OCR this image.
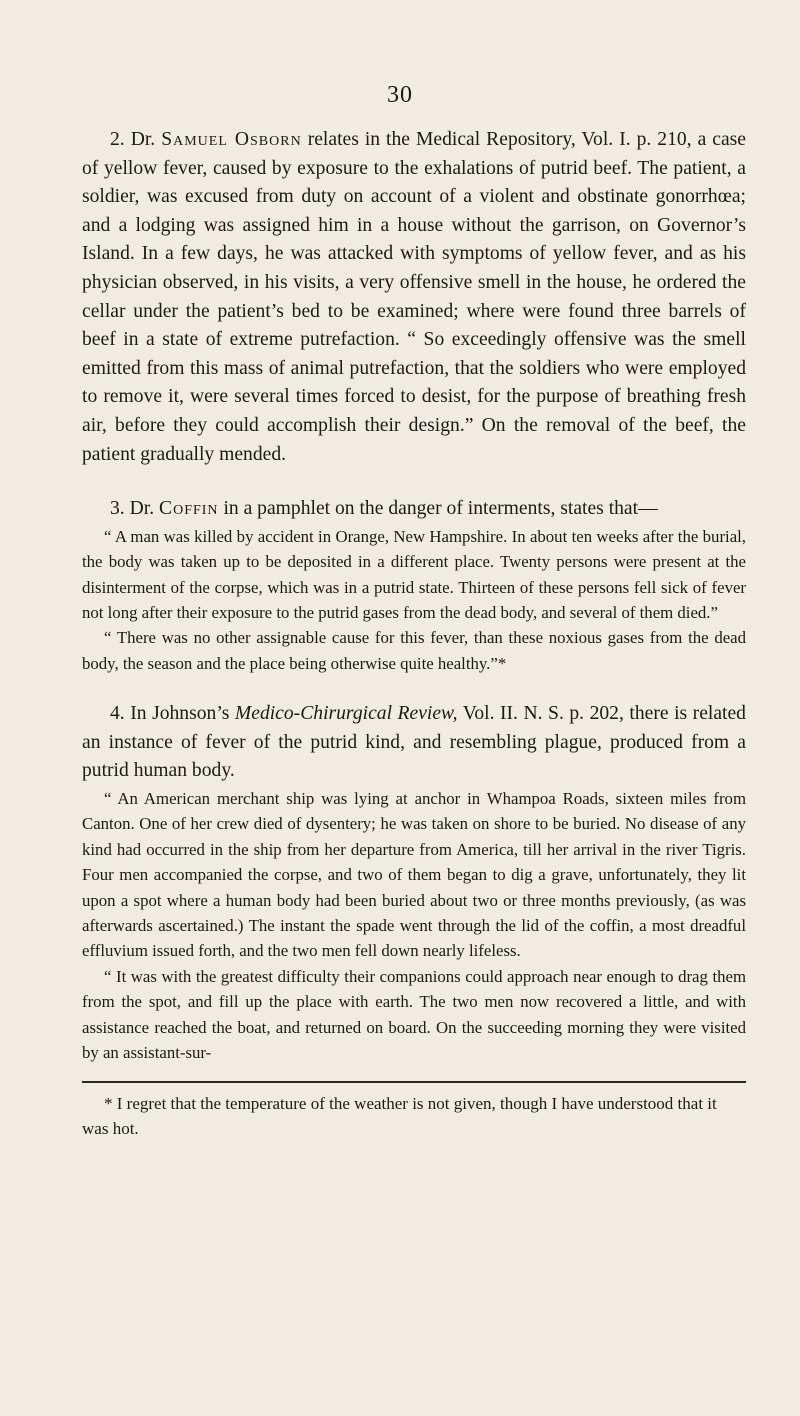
30

2. Dr. Samuel Osborn relates in the Medical Repository, Vol. I. p. 210, a case of yellow fever, caused by exposure to the exhalations of putrid beef. The patient, a soldier, was excused from duty on account of a violent and obstinate gonorrhœa; and a lodging was assigned him in a house without the garrison, on Governor’s Island. In a few days, he was attacked with symptoms of yellow fever, and as his physician observed, in his visits, a very offensive smell in the house, he ordered the cellar under the patient’s bed to be examined; where were found three barrels of beef in a state of extreme putrefaction. “ So exceedingly offensive was the smell emitted from this mass of animal putrefaction, that the soldiers who were employed to remove it, were several times forced to desist, for the purpose of breathing fresh air, before they could accomplish their design.” On the removal of the beef, the patient gradually mended.

3. Dr. Coffin in a pamphlet on the danger of interments, states that—

“ A man was killed by accident in Orange, New Hampshire. In about ten weeks after the burial, the body was taken up to be deposited in a different place. Twenty persons were present at the disinterment of the corpse, which was in a putrid state. Thirteen of these persons fell sick of fever not long after their exposure to the putrid gases from the dead body, and several of them died.”

“ There was no other assignable cause for this fever, than these noxious gases from the dead body, the season and the place being otherwise quite healthy.”*

4. In Johnson’s Medico-Chirurgical Review, Vol. II. N. S. p. 202, there is related an instance of fever of the putrid kind, and resembling plague, produced from a putrid human body.

“ An American merchant ship was lying at anchor in Whampoa Roads, sixteen miles from Canton. One of her crew died of dysentery; he was taken on shore to be buried. No disease of any kind had occurred in the ship from her departure from America, till her arrival in the river Tigris. Four men accompanied the corpse, and two of them began to dig a grave, unfortunately, they lit upon a spot where a human body had been buried about two or three months previously, (as was afterwards ascertained.) The instant the spade went through the lid of the coffin, a most dreadful effluvium issued forth, and the two men fell down nearly lifeless.

“ It was with the greatest difficulty their companions could approach near enough to drag them from the spot, and fill up the place with earth. The two men now recovered a little, and with assistance reached the boat, and returned on board. On the succeeding morning they were visited by an assistant-sur-

* I regret that the temperature of the weather is not given, though I have understood that it was hot.
